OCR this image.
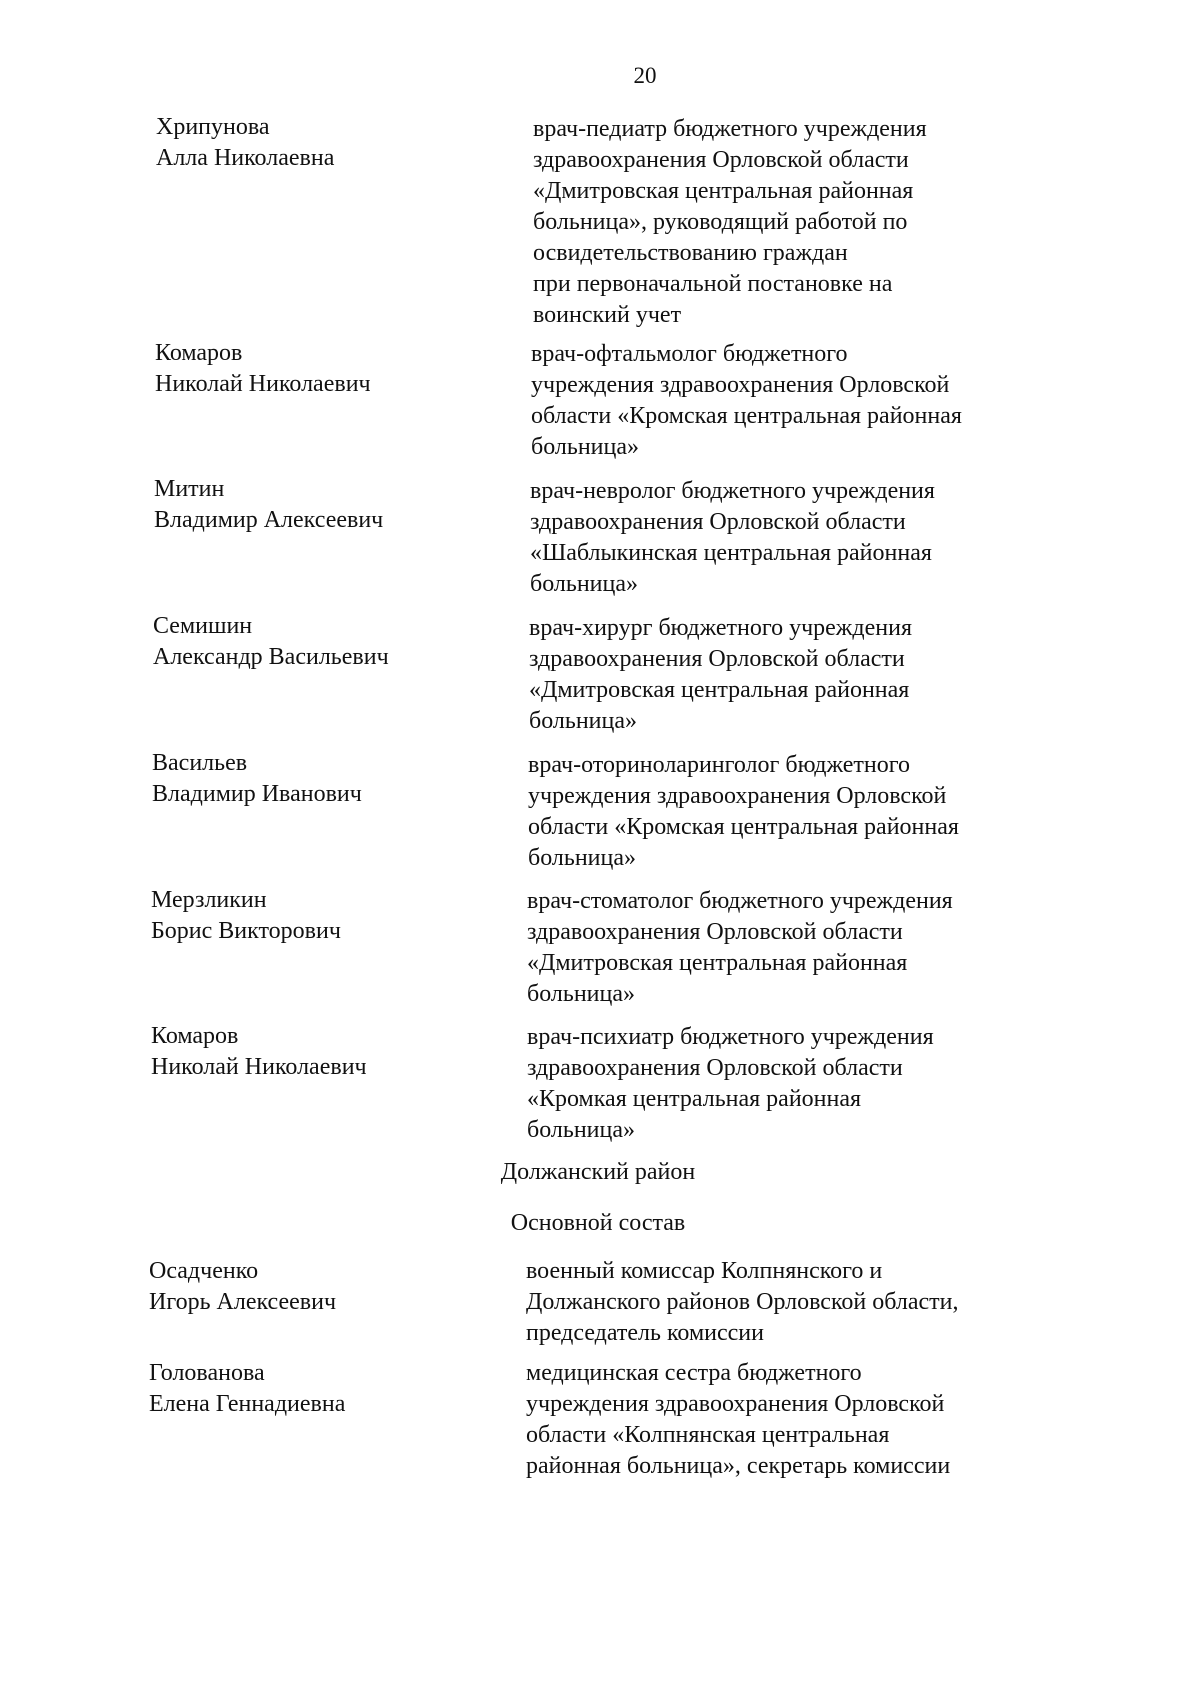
20
Хрипунова
Алла Николаевна
врач-педиатр бюджетного учреждения
здравоохранения Орловской области
«Дмитровская центральная районная
больница», руководящий работой по
освидетельствованию граждан
при первоначальной постановке на
воинский учет
Комаров
Николай Николаевич
врач-офтальмолог бюджетного
учреждения здравоохранения Орловской
области «Кромская центральная районная
больница»
Митин
Владимир Алексеевич
врач-невролог бюджетного учреждения
здравоохранения Орловской области
«Шаблыкинская центральная районная
больница»
Семишин
Александр Васильевич
врач-хирург бюджетного учреждения
здравоохранения Орловской области
«Дмитровская центральная районная
больница»
Васильев
Владимир Иванович
врач-оториноларинголог бюджетного
учреждения здравоохранения Орловской
области «Кромская центральная районная
больница»
Мерзликин
Борис Викторович
врач-стоматолог бюджетного учреждения
здравоохранения Орловской области
«Дмитровская центральная районная
больница»
Комаров
Николай Николаевич
врач-психиатр бюджетного учреждения
здравоохранения Орловской области
«Кромкая центральная районная
больница»
Должанский район
Основной состав
Осадченко
Игорь Алексеевич
военный комиссар Колпнянского и
Должанского районов Орловской области,
председатель комиссии
Голованова
Елена Геннадиевна
медицинская сестра бюджетного
учреждения здравоохранения Орловской
области «Колпнянская центральная
районная больница», секретарь комиссии
